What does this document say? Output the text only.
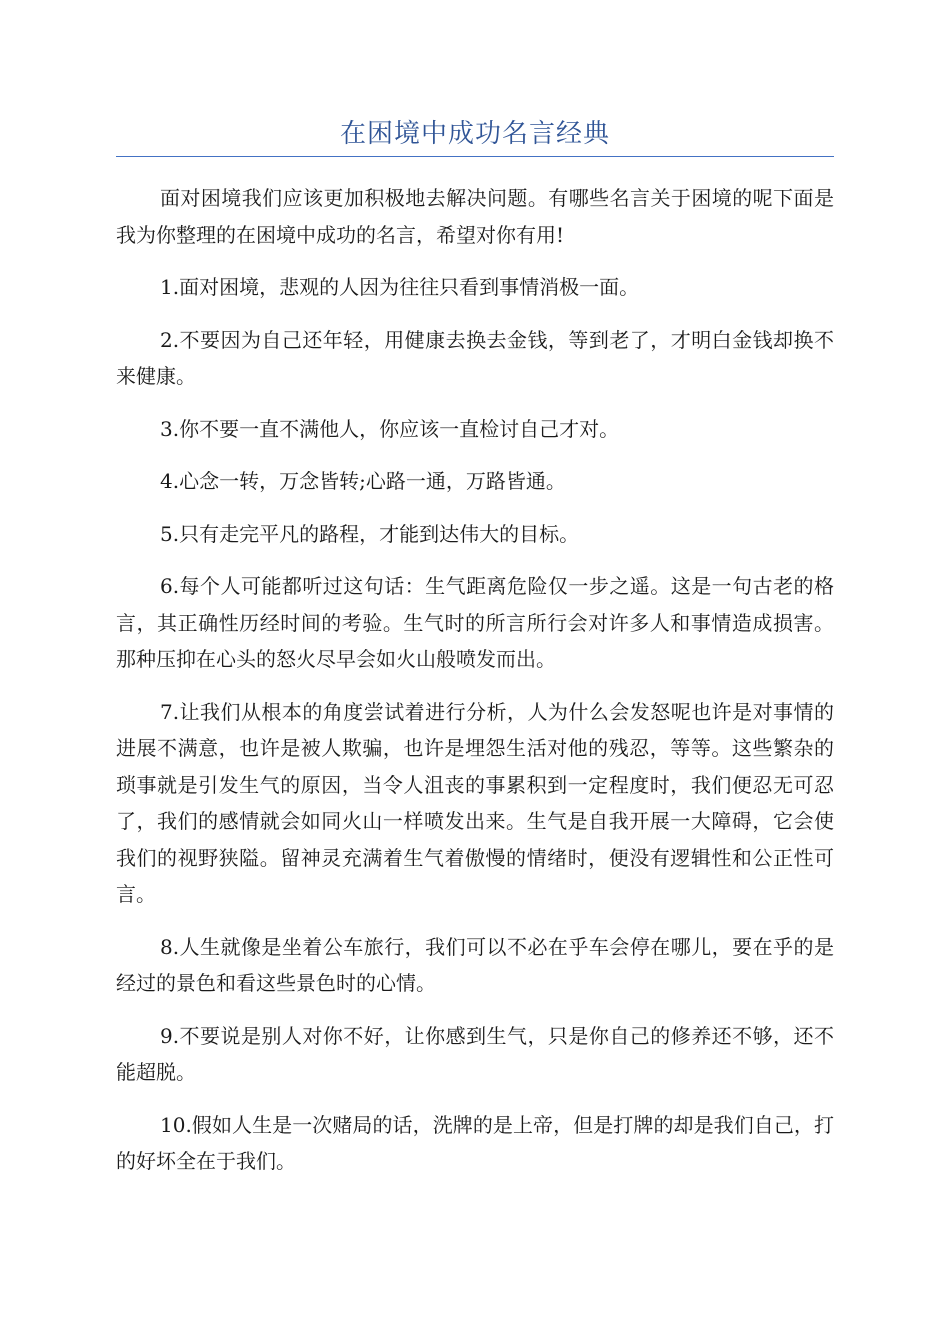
在困境中成功名言经典

面对困境我们应该更加积极地去解决问题。有哪些名言关于困境的呢下面是我为你整理的在困境中成功的名言，希望对你有用!

1.面对困境，悲观的人因为往往只看到事情消极一面。

2.不要因为自己还年轻，用健康去换去金钱，等到老了，才明白金钱却换不来健康。

3.你不要一直不满他人，你应该一直检讨自己才对。

4.心念一转，万念皆转;心路一通，万路皆通。

5.只有走完平凡的路程，才能到达伟大的目标。

6.每个人可能都听过这句话：生气距离危险仅一步之遥。这是一句古老的格言，其正确性历经时间的考验。生气时的所言所行会对许多人和事情造成损害。那种压抑在心头的怒火尽早会如火山般喷发而出。

7.让我们从根本的角度尝试着进行分析，人为什么会发怒呢也许是对事情的进展不满意，也许是被人欺骗，也许是埋怨生活对他的残忍，等等。这些繁杂的琐事就是引发生气的原因，当令人沮丧的事累积到一定程度时，我们便忍无可忍了，我们的感情就会如同火山一样喷发出来。生气是自我开展一大障碍，它会使我们的视野狭隘。留神灵充满着生气着傲慢的情绪时，便没有逻辑性和公正性可言。

8.人生就像是坐着公车旅行，我们可以不必在乎车会停在哪儿，要在乎的是经过的景色和看这些景色时的心情。

9.不要说是别人对你不好，让你感到生气，只是你自己的修养还不够，还不能超脱。

10.假如人生是一次赌局的话，洗牌的是上帝，但是打牌的却是我们自己，打的好坏全在于我们。
